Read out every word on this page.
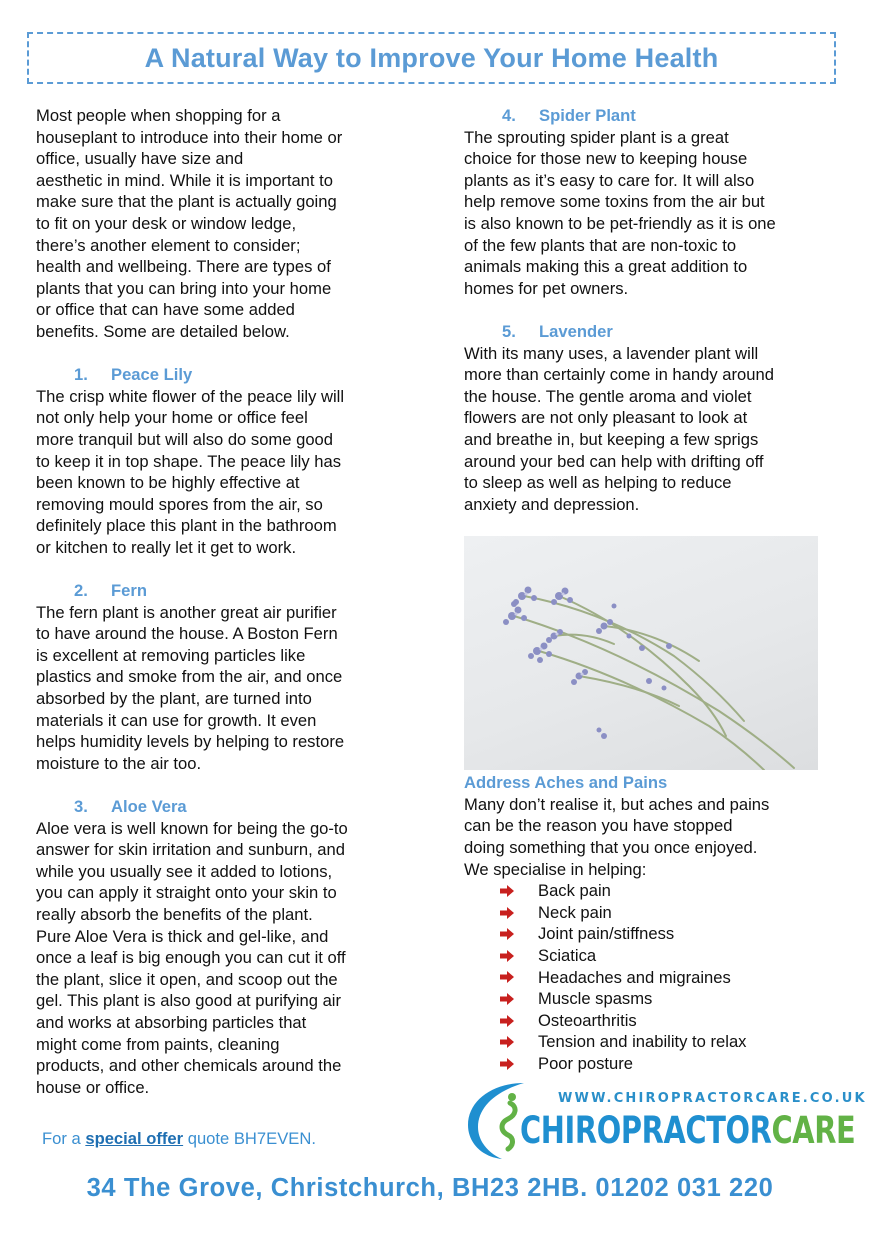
A Natural Way to Improve Your Home Health

Most people when shopping for a

houseplant to introduce into their home or

office, usually have size and

aesthetic in mind. While it is important to

make sure that the plant is actually going

to fit on your desk or window ledge,

there’s another element to consider;

health and wellbeing. There are types of

plants that you can bring into your home

or office that can have some added

benefits. Some are detailed below.

1. Peace Lily

The crisp white flower of the peace lily will

not only help your home or office feel

more tranquil but will also do some good

to keep it in top shape. The peace lily has

been known to be highly effective at

removing mould spores from the air, so

definitely place this plant in the bathroom

or kitchen to really let it get to work.

2. Fern

The fern plant is another great air purifier

to have around the house. A Boston Fern

is excellent at removing particles like

plastics and smoke from the air, and once

absorbed by the plant, are turned into

materials it can use for growth. It even

helps humidity levels by helping to restore

moisture to the air too.

3. Aloe Vera

Aloe vera is well known for being the go-to

answer for skin irritation and sunburn, and

while you usually see it added to lotions,

you can apply it straight onto your skin to

really absorb the benefits of the plant.

Pure Aloe Vera is thick and gel-like, and

once a leaf is big enough you can cut it off

the plant, slice it open, and scoop out the

gel. This plant is also good at purifying air

and works at absorbing particles that

might come from paints, cleaning

products, and other chemicals around the

house or office.

4. Spider Plant

The sprouting spider plant is a great

choice for those new to keeping house

plants as it’s easy to care for. It will also

help remove some toxins from the air but

is also known to be pet-friendly as it is one

of the few plants that are non-toxic to

animals making this a great addition to

homes for pet owners.

5. Lavender

With its many uses, a lavender plant will

more than certainly come in handy around

the house. The gentle aroma and violet

flowers are not only pleasant to look at

and breathe in, but keeping a few sprigs

around your bed can help with drifting off

to sleep as well as helping to reduce

anxiety and depression.

Address Aches and Pains

Many don’t realise it, but aches and pains

can be the reason you have stopped

doing something that you once enjoyed.

We specialise in helping:

Back pain
Neck pain
Joint pain/stiffness
Sciatica
Headaches and migraines
Muscle spasms
Osteoarthritis
Tension and inability to relax
Poor posture
For a special offer quote BH7EVEN.
WWW.CHIROPRACTORCARE.CO.UK
CHIROPRACTORCARE
34 The Grove, Christchurch, BH23 2HB. 01202 031 220
